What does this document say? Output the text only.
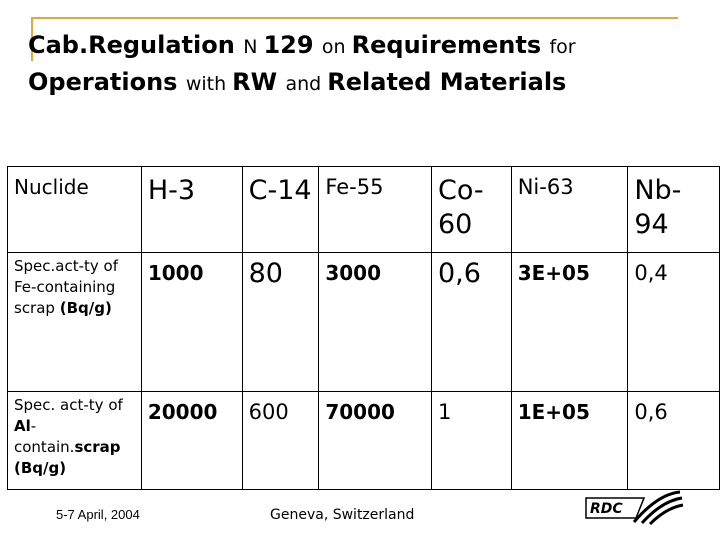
Cab.Regulation N 129 on Requirements for
Operations with RW and Related Materials
Nuclide	H-3	C-14	Fe-55	Co-60	Ni-63	Nb-94
Spec.act-ty of Fe-containing scrap (Bq/g)	1000	80	3000	0,6	3E+05	0,4
Spec. act-ty of Al-contain.scrap (Bq/g)	20000	600	70000	1	1E+05	0,6
5-7 April, 2004	Geneva, Switzerland	RDC
